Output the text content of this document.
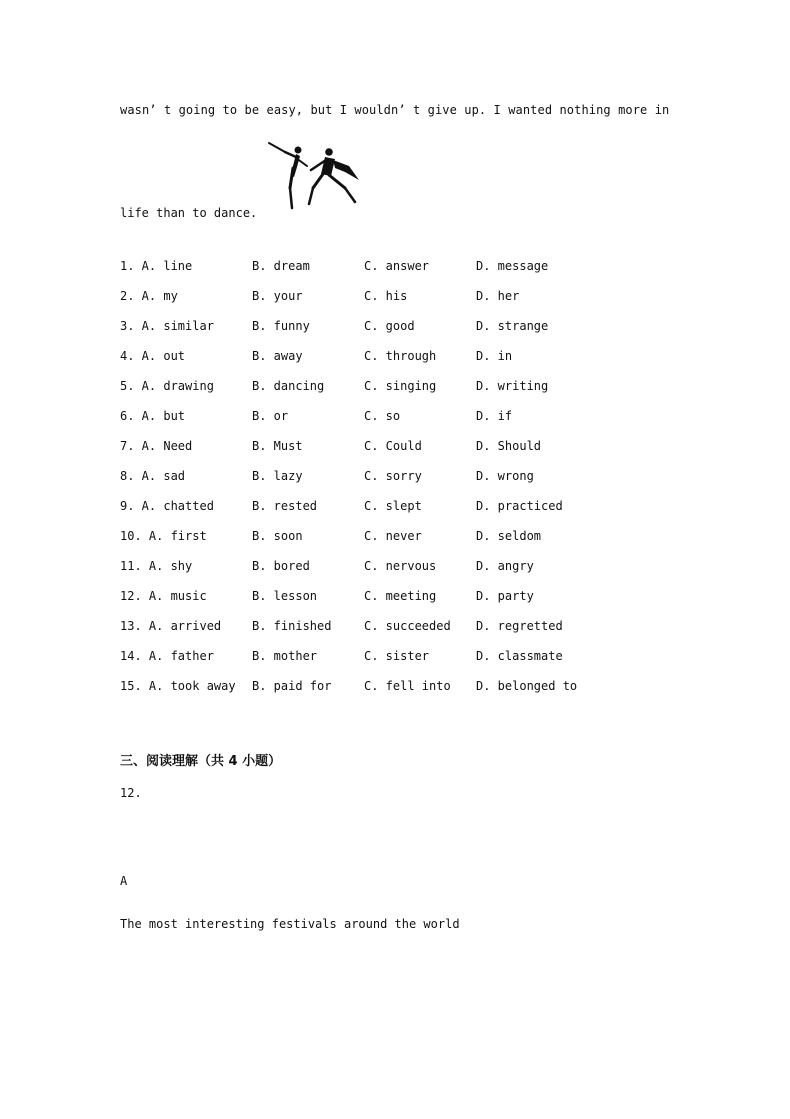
wasn’ t going to be easy, but I wouldn’ t give up. I wanted nothing more in
life than to dance.
1. A. line	B. dream	C. answer	D. message
2. A. my	B. your	C. his	D. her
3. A. similar	B. funny	C. good	D. strange
4. A. out	B. away	C. through	D. in
5. A. drawing	B. dancing	C. singing	D. writing
6. A. but	B. or	C. so	D. if
7. A. Need	B. Must	C. Could	D. Should
8. A. sad	B. lazy	C. sorry	D. wrong
9. A. chatted	B. rested	C. slept	D. practiced
10. A. first	B. soon	C. never	D. seldom
11. A. shy	B. bored	C. nervous	D. angry
12. A. music	B. lesson	C. meeting	D. party
13. A. arrived	B. finished	C. succeeded D. regretted
14. A. father	B. mother	C. sister	D. classmate
15. A. took away B. paid for	C. fell into D. belonged to
三、阅读理解（共 4 小题）
12.
A
The most interesting festivals around the world
